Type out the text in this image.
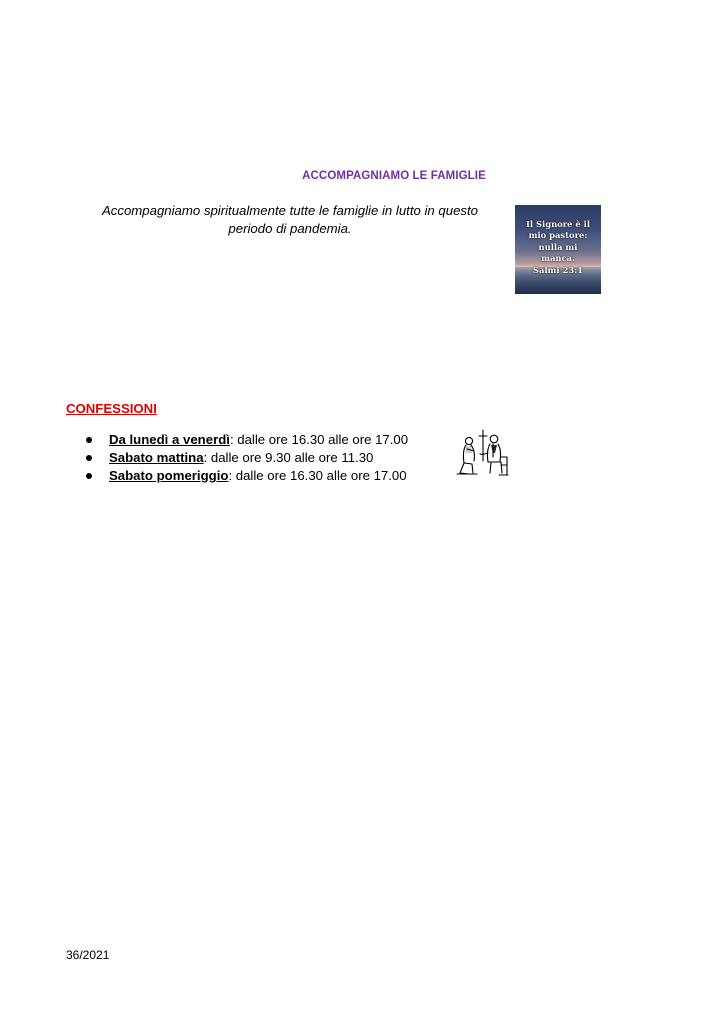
ACCOMPAGNIAMO LE FAMIGLIE
Accompagniamo spiritualmente tutte le famiglie in lutto in questo
periodo di pandemia.	Il Signore è il
mio pastore:
nulla mi
manca.
Salmi 23:1
CONFESSIONI
Da lunedì a venerdì: dalle ore 16.30 alle ore 17.00
Sabato mattina: dalle ore 9.30 alle ore 11.30
Sabato pomeriggio: dalle ore 16.30 alle ore 17.00
36/2021
